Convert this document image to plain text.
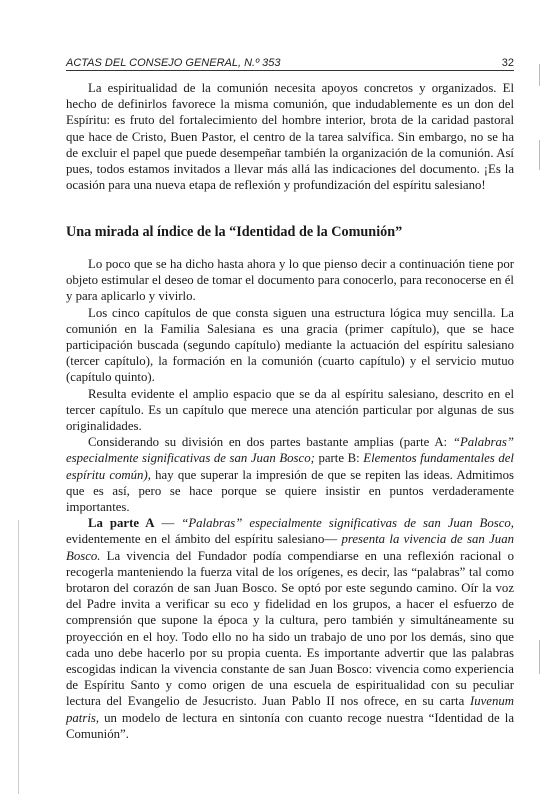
ACTAS DEL CONSEJO GENERAL, N.º 353	32

La espiritualidad de la comunión necesita apoyos concretos y organizados. El hecho de definirlos favorece la misma comunión, que indudablemente es un don del Espíritu: es fruto del fortalecimiento del hombre interior, brota de la caridad pastoral que hace de Cristo, Buen Pastor, el centro de la tarea salvífica. Sin embargo, no se ha de excluir el papel que puede desempeñar también la organización de la comunión. Así pues, todos estamos invitados a llevar más allá las indicaciones del documento. ¡Es la ocasión para una nueva etapa de reflexión y profundización del espíritu salesiano!

Una mirada al índice de la “Identidad de la Comunión”

Lo poco que se ha dicho hasta ahora y lo que pienso decir a continuación tiene por objeto estimular el deseo de tomar el documento para conocerlo, para reconocerse en él y para aplicarlo y vivirlo.

Los cinco capítulos de que consta siguen una estructura lógica muy sencilla. La comunión en la Familia Salesiana es una gracia (primer capítulo), que se hace participación buscada (segundo capítulo) mediante la actuación del espíritu salesiano (tercer capítulo), la formación en la comunión (cuarto capítulo) y el servicio mutuo (capítulo quinto).

Resulta evidente el amplio espacio que se da al espíritu salesiano, descrito en el tercer capítulo. Es un capítulo que merece una atención particular por algunas de sus originalidades.

Considerando su división en dos partes bastante amplias (parte A: “Palabras” especialmente significativas de san Juan Bosco; parte B: Elementos fundamentales del espíritu común), hay que superar la impresión de que se repiten las ideas. Admitimos que es así, pero se hace porque se quiere insistir en puntos verdaderamente importantes.

La parte A — “Palabras” especialmente significativas de san Juan Bosco, evidentemente en el ámbito del espíritu salesiano— presenta la vivencia de san Juan Bosco. La vivencia del Fundador podía compendiarse en una reflexión racional o recogerla manteniendo la fuerza vital de los orígenes, es decir, las “palabras” tal como brotaron del corazón de san Juan Bosco. Se optó por este segundo camino. Oír la voz del Padre invita a verificar su eco y fidelidad en los grupos, a hacer el esfuerzo de comprensión que supone la época y la cultura, pero también y simultáneamente su proyección en el hoy. Todo ello no ha sido un trabajo de uno por los demás, sino que cada uno debe hacerlo por su propia cuenta. Es importante advertir que las palabras escogidas indican la vivencia constante de san Juan Bosco: vivencia como experiencia de Espíritu Santo y como origen de una escuela de espiritualidad con su peculiar lectura del Evangelio de Jesucristo. Juan Pablo II nos ofrece, en su carta Iuvenum patris, un modelo de lectura en sintonía con cuanto recoge nuestra “Identidad de la Comunión”.
